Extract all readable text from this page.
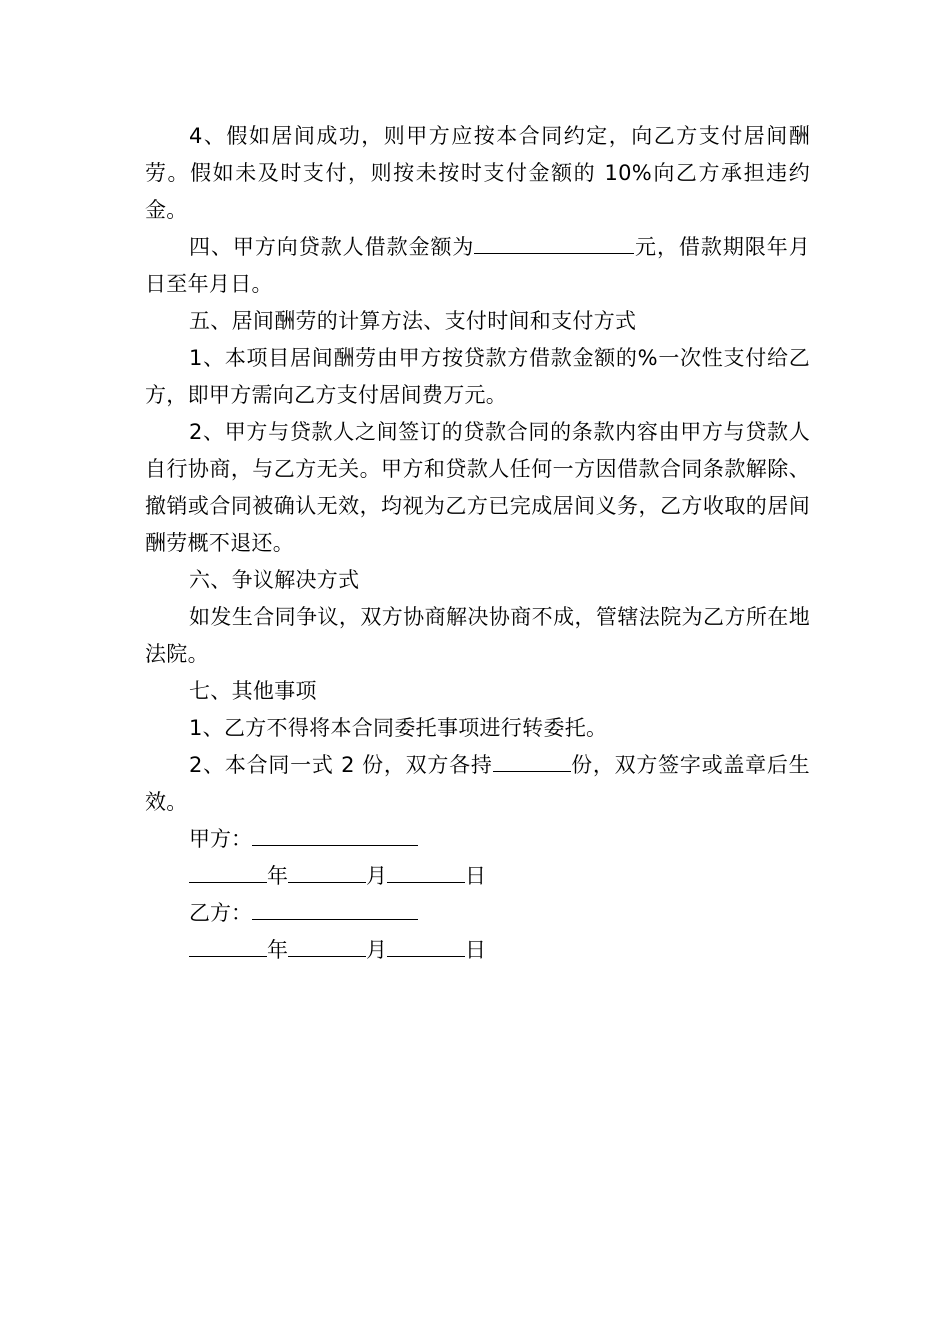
4、假如居间成功，则甲方应按本合同约定，向乙方支付居间酬劳。假如未及时支付，则按未按时支付金额的 10%向乙方承担违约金。

四、甲方向贷款人借款金额为	元，借款期限年月日至年月日。

五、居间酬劳的计算方法、支付时间和支付方式

1、本项目居间酬劳由甲方按贷款方借款金额的%一次性支付给乙方，即甲方需向乙方支付居间费万元。

2、甲方与贷款人之间签订的贷款合同的条款内容由甲方与贷款人自行协商，与乙方无关。甲方和贷款人任何一方因借款合同条款解除、撤销或合同被确认无效，均视为乙方已完成居间义务，乙方收取的居间酬劳概不退还。

六、争议解决方式

如发生合同争议，双方协商解决协商不成，管辖法院为乙方所在地法院。

七、其他事项

1、乙方不得将本合同委托事项进行转委托。

2、本合同一式 2 份，双方各持	份，双方签字或盖章后生效。

甲方：

年	月	日

乙方：

年	月	日
